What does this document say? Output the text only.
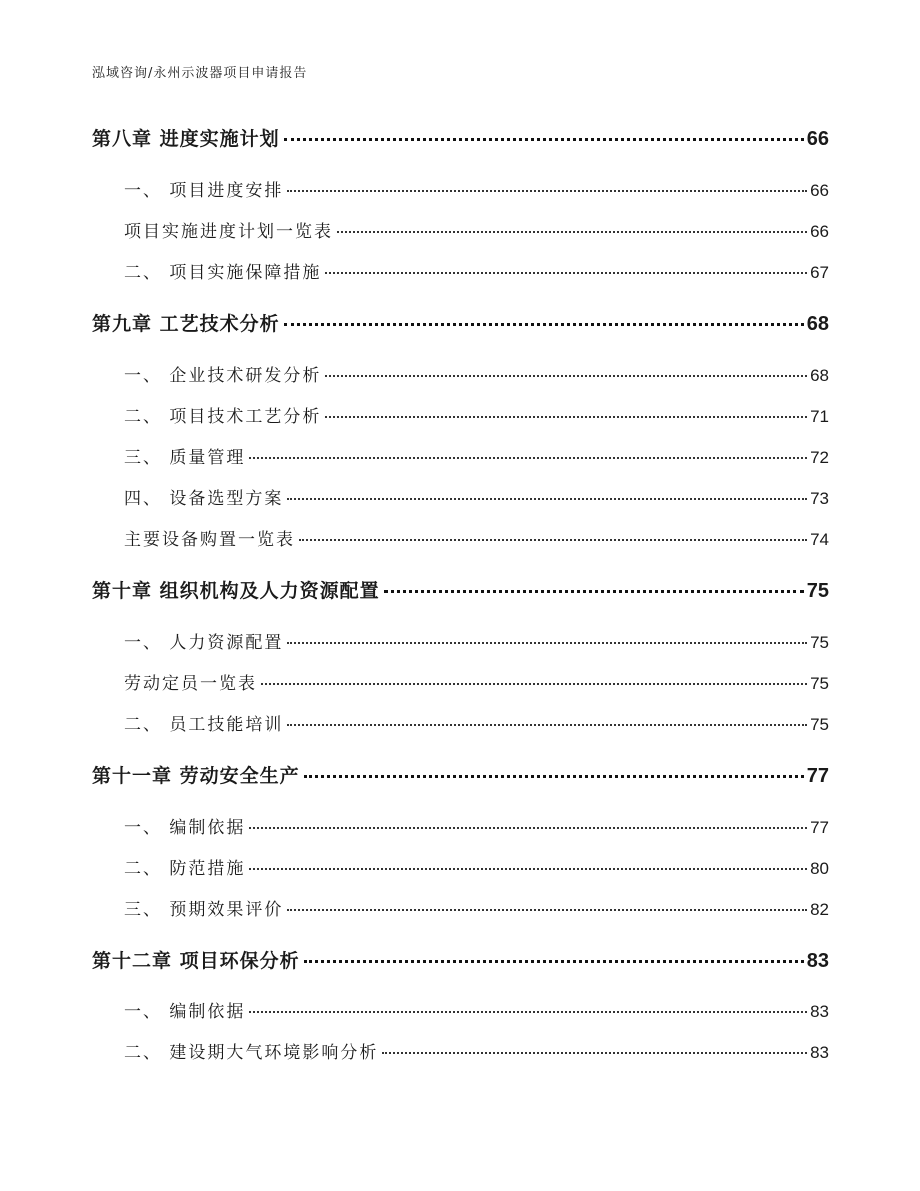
泓域咨询/永州示波器项目申请报告
第八章 进度实施计划	66
一、 项目进度安排	66
项目实施进度计划一览表	66
二、 项目实施保障措施	67
第九章 工艺技术分析	68
一、 企业技术研发分析	68
二、 项目技术工艺分析	71
三、 质量管理	72
四、 设备选型方案	73
主要设备购置一览表	74
第十章 组织机构及人力资源配置	75
一、 人力资源配置	75
劳动定员一览表	75
二、 员工技能培训	75
第十一章 劳动安全生产	77
一、 编制依据	77
二、 防范措施	80
三、 预期效果评价	82
第十二章 项目环保分析	83
一、 编制依据	83
二、 建设期大气环境影响分析	83
